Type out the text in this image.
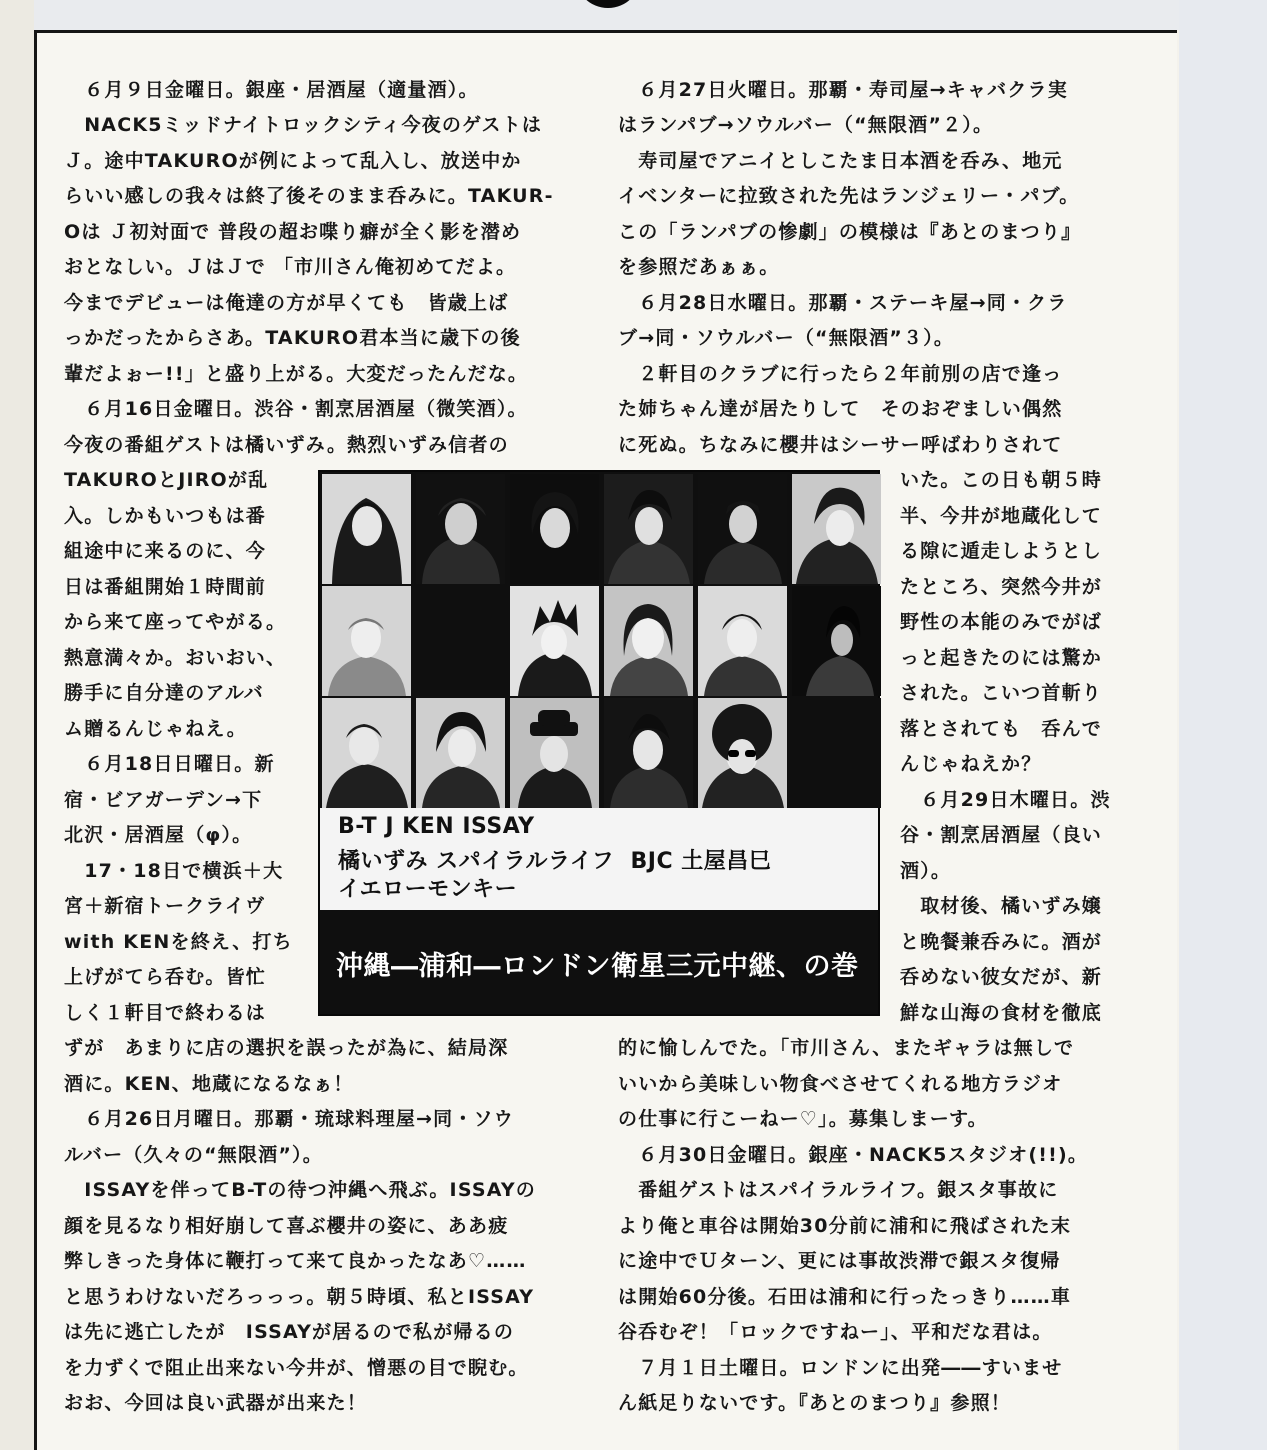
　６月９日金曜日。銀座・居酒屋（適量酒）。

　NACK5ミッドナイトロックシティ今夜のゲストは

Ｊ。途中TAKUROが例によって乱入し、放送中か

らいい感しの我々は終了後そのまま呑みに。TAKUR-

Oは Ｊ初対面で 普段の超お喋り癖が全く影を潜め

おとなしい。ＪはＪで 「市川さん俺初めてだよ。

今までデビューは俺達の方が早くても　皆歳上ば

っかだったからさあ。TAKURO君本当に歳下の後

輩だよぉー!!」と盛り上がる。大変だったんだな。

　６月16日金曜日。渋谷・割烹居酒屋（微笑酒）。

今夜の番組ゲストは橘いずみ。熱烈いずみ信者の

TAKUROとJIROが乱

入。しかもいつもは番

組途中に来るのに、今

日は番組開始１時間前

から来て座ってやがる。

熱意満々か。おいおい、

勝手に自分達のアルバ

ム贈るんじゃねえ。

　６月18日日曜日。新

宿・ビアガーデン→下

北沢・居酒屋（φ）。

　17・18日で横浜＋大

宮＋新宿トークライヴ

with KENを終え、打ち

上げがてら呑む。皆忙

しく１軒目で終わるは

ずが　あまりに店の選択を誤ったが為に、結局深

酒に。KEN、地蔵になるなぁ！

　６月26日月曜日。那覇・琉球料理屋→同・ソウ

ルバー（久々の“無限酒”）。

　ISSAYを伴ってB-Tの待つ沖縄へ飛ぶ。ISSAYの

顔を見るなり相好崩して喜ぶ櫻井の姿に、ああ疲

弊しきった身体に鞭打って来て良かったなあ♡……

と思うわけないだろっっっ。朝５時頃、私とISSAY

は先に逃亡したが　ISSAYが居るので私が帰るの

を力ずくで阻止出来ない今井が、憎悪の目で睨む。

おお、今回は良い武器が出来た！

　６月27日火曜日。那覇・寿司屋→キャバクラ実

はランパブ→ソウルバー（“無限酒”２）。

　寿司屋でアニイとしこたま日本酒を呑み、地元

イベンターに拉致された先はランジェリー・パブ。

この「ランパブの惨劇」の模様は『あとのまつり』

を参照だあぁぁ。

　６月28日水曜日。那覇・ステーキ屋→同・クラ

ブ→同・ソウルバー（“無限酒”３）。

　２軒目のクラブに行ったら２年前別の店で逢っ

た姉ちゃん達が居たりして　そのおぞましい偶然

に死ぬ。ちなみに櫻井はシーサー呼ばわりされて

いた。この日も朝５時

半、今井が地蔵化して

る隙に遁走しようとし

たところ、突然今井が

野性の本能のみでがば

っと起きたのには驚か

された。こいつ首斬り

落とされても　呑んで

んじゃねえか？

　６月29日木曜日。渋

谷・割烹居酒屋（良い

酒）。

　取材後、橘いずみ嬢

と晩餐兼呑みに。酒が

呑めない彼女だが、新

鮮な山海の食材を徹底

的に愉しんでた。「市川さん、またギャラは無しで

いいから美味しい物食べさせてくれる地方ラジオ

の仕事に行こーねー♡」。募集しまーす。

　６月30日金曜日。銀座・NACK5スタジオ(!!)。

　番組ゲストはスパイラルライフ。銀スタ事故に

より俺と車谷は開始30分前に浦和に飛ばされた末

に途中でＵターン、更には事故渋滞で銀スタ復帰

は開始60分後。石田は浦和に行ったっきり……車

谷呑むぞ！「ロックですねー」、平和だな君は。

　７月１日土曜日。ロンドンに出発――すいませ

ん紙足りないです。『あとのまつり』参照！

B-T J KEN ISSAY
橘いずみ スパイラルライフ  BJC 土屋昌巳
イエローモンキー
沖縄―浦和―ロンドン衛星三元中継、の巻
